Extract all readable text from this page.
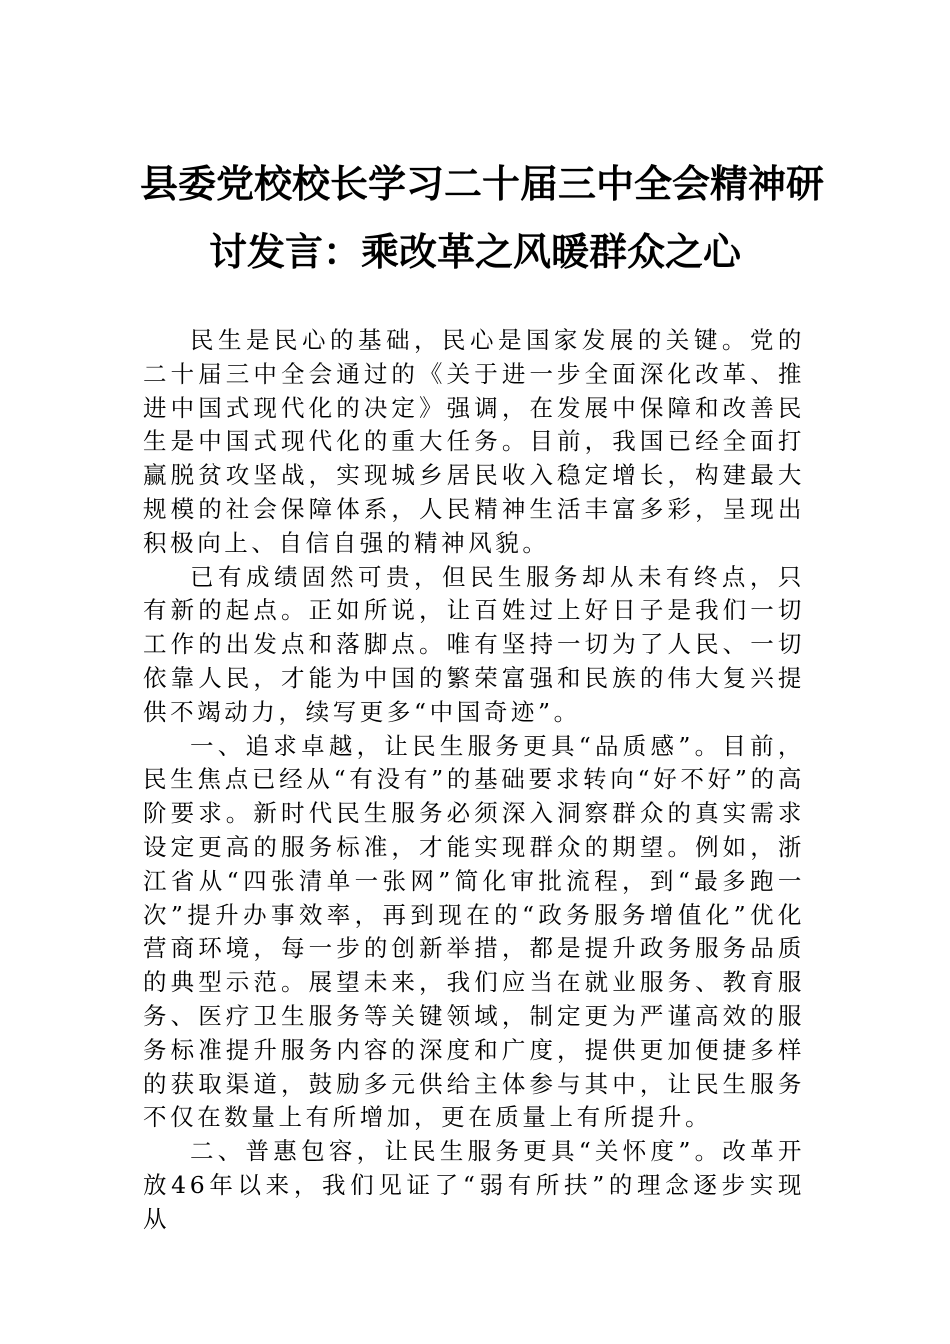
县委党校校长学习二十届三中全会精神研
讨发言：乘改革之风暖群众之心

民生是民心的基础，民心是国家发展的关键。党的二十届三中全会通过的《关于进一步全面深化改革、推进中国式现代化的决定》强调，在发展中保障和改善民生是中国式现代化的重大任务。目前，我国已经全面打赢脱贫攻坚战，实现城乡居民收入稳定增长，构建最大规模的社会保障体系，人民精神生活丰富多彩，呈现出积极向上、自信自强的精神风貌。

已有成绩固然可贵，但民生服务却从未有终点，只有新的起点。正如所说，让百姓过上好日子是我们一切工作的出发点和落脚点。唯有坚持一切为了人民、一切依靠人民，才能为中国的繁荣富强和民族的伟大复兴提供不竭动力，续写更多“中国奇迹”。

一、追求卓越，让民生服务更具“品质感”。目前，民生焦点已经从“有没有”的基础要求转向“好不好”的高阶要求。新时代民生服务必须深入洞察群众的真实需求设定更高的服务标准，才能实现群众的期望。例如，浙江省从“四张清单一张网”简化审批流程，到“最多跑一次”提升办事效率，再到现在的“政务服务增值化”优化营商环境，每一步的创新举措，都是提升政务服务品质的典型示范。展望未来，我们应当在就业服务、教育服务、医疗卫生服务等关键领域，制定更为严谨高效的服务标准提升服务内容的深度和广度，提供更加便捷多样的获取渠道，鼓励多元供给主体参与其中，让民生服务不仅在数量上有所增加，更在质量上有所提升。

二、普惠包容，让民生服务更具“关怀度”。改革开放46年以来，我们见证了“弱有所扶”的理念逐步实现从
